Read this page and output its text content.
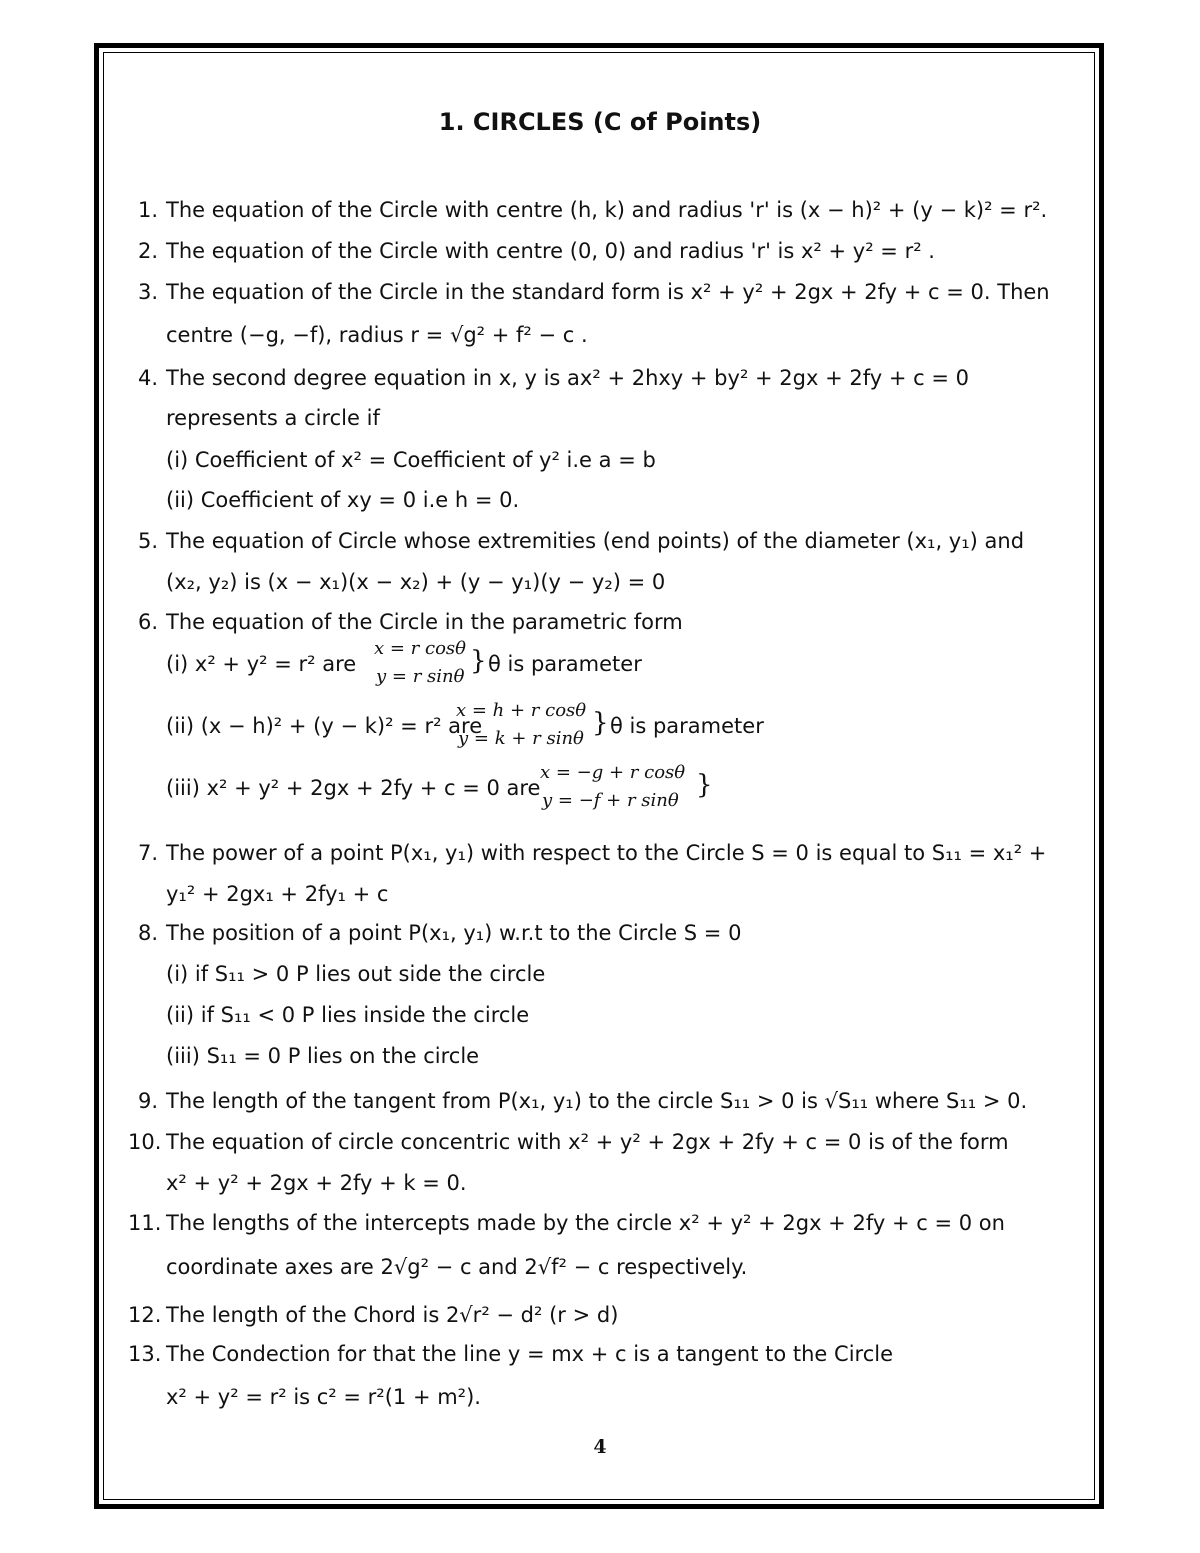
1. CIRCLES (C of Points)
1. The equation of the Circle with centre (h, k) and radius 'r' is (x − h)² + (y − k)² = r².
2. The equation of the Circle with centre (0, 0) and radius 'r' is x² + y² = r² .
3. The equation of the Circle in the standard form is x² + y² + 2gx + 2fy + c = 0. Then
centre (−g, −f), radius r = √g² + f² − c .
4. The second degree equation in x, y is ax² + 2hxy + by² + 2gx + 2fy + c = 0
represents a circle if
(i) Coefficient of x² = Coefficient of y² i.e a = b
(ii) Coefficient of xy = 0 i.e h = 0.
5. The equation of Circle whose extremities (end points) of the diameter (x₁, y₁) and
(x₂, y₂) is (x − x₁)(x − x₂) + (y − y₁)(y − y₂) = 0
6. The equation of the Circle in the parametric form
7. The power of a point P(x₁, y₁) with respect to the Circle S = 0 is equal to S₁₁ = x₁² +
y₁² + 2gx₁ + 2fy₁ + c
8. The position of a point P(x₁, y₁) w.r.t to the Circle S = 0
(i) if S₁₁ > 0 P lies out side the circle
(ii) if S₁₁ < 0 P lies inside the circle
(iii) S₁₁ = 0 P lies on the circle
9. The length of the tangent from P(x₁, y₁) to the circle S₁₁ > 0 is √S₁₁ where S₁₁ > 0.
10. The equation of circle concentric with x² + y² + 2gx + 2fy + c = 0 is of the form
x² + y² + 2gx + 2fy + k = 0.
11. The lengths of the intercepts made by the circle x² + y² + 2gx + 2fy + c = 0 on
coordinate axes are 2√g² − c and 2√f² − c respectively.
12. The length of the Chord is 2√r² − d² (r > d)
13. The Condection for that the line y = mx + c is a tangent to the Circle
x² + y² = r² is c² = r²(1 + m²).
(i) x² + y² = r² are
x = r cosθ
y = r sinθ
} θ is parameter
(ii) (x − h)² + (y − k)² = r² are
x = h + r cosθ
y = k + r sinθ
} θ is parameter
(iii) x² + y² + 2gx + 2fy + c = 0 are
x = −g + r cosθ
y = −f + r sinθ
}
4
